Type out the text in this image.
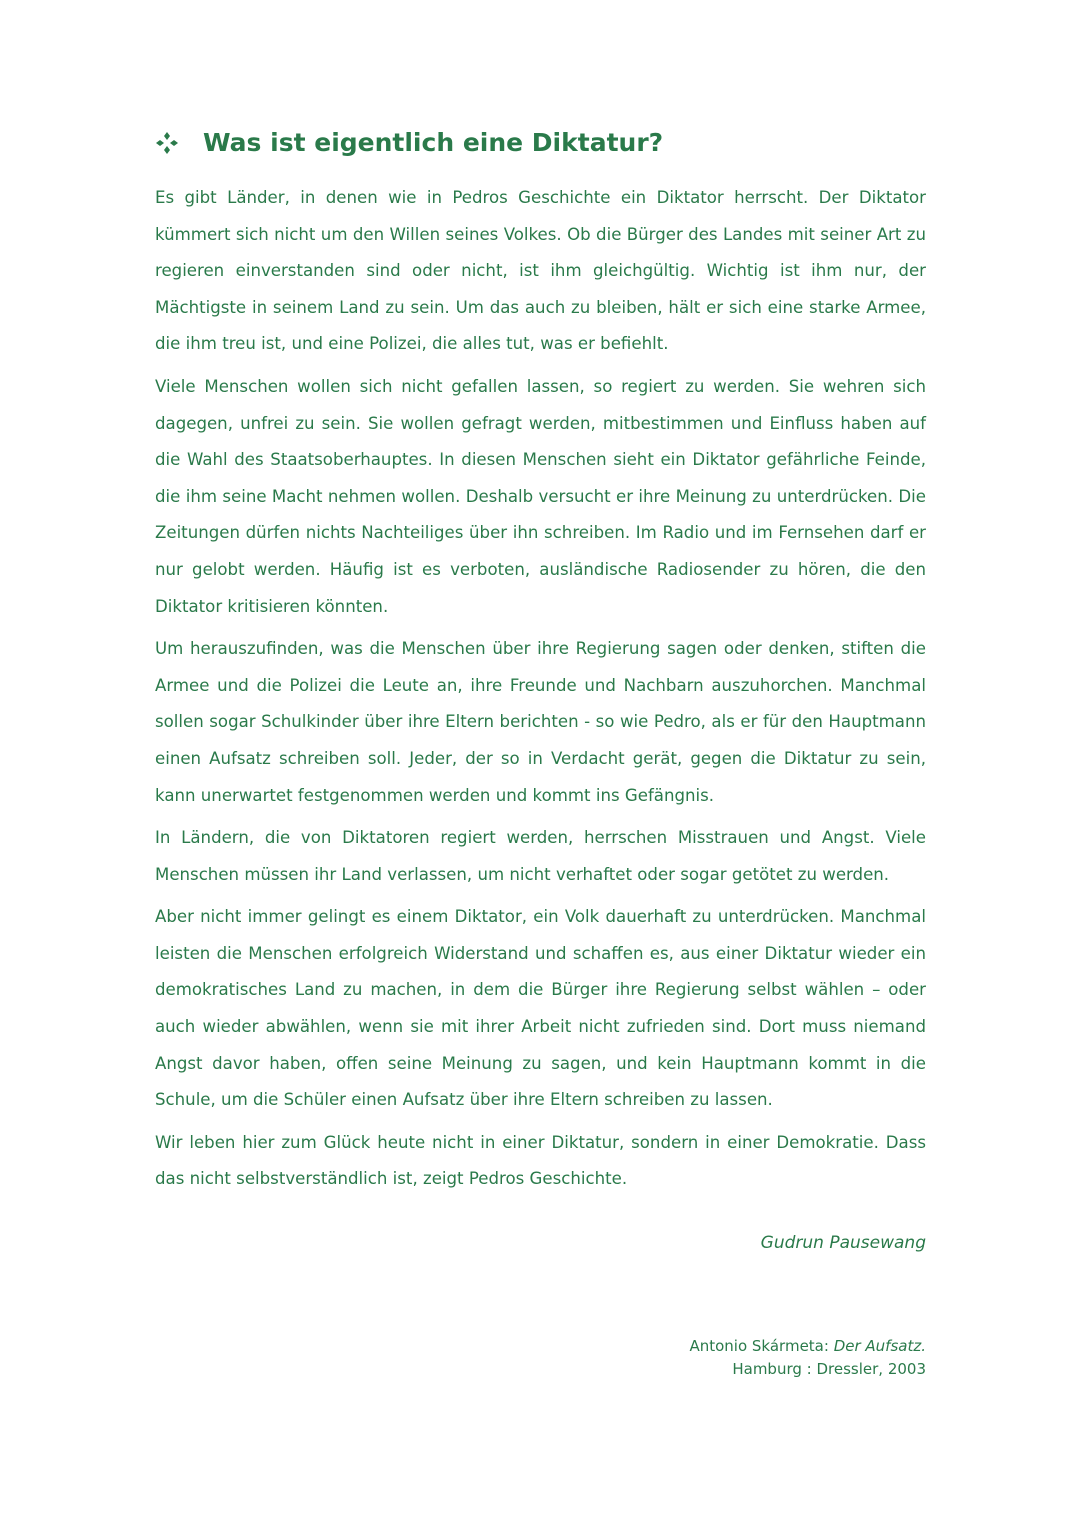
Was ist eigentlich eine Diktatur?

Es gibt Länder, in denen wie in Pedros Geschichte ein Diktator herrscht. Der Diktator kümmert sich nicht um den Willen seines Volkes. Ob die Bürger des Landes mit seiner Art zu regieren einverstanden sind oder nicht, ist ihm gleichgültig. Wichtig ist ihm nur, der Mächtigste in seinem Land zu sein. Um das auch zu bleiben, hält er sich eine starke Armee, die ihm treu ist, und eine Polizei, die alles tut, was er befiehlt.

Viele Menschen wollen sich nicht gefallen lassen, so regiert zu werden. Sie wehren sich dagegen, unfrei zu sein. Sie wollen gefragt werden, mitbestimmen und Einfluss haben auf die Wahl des Staatsoberhauptes. In diesen Menschen sieht ein Diktator gefährliche Feinde, die ihm seine Macht nehmen wollen. Deshalb versucht er ihre Meinung zu unterdrücken. Die Zeitungen dürfen nichts Nachteiliges über ihn schreiben. Im Radio und im Fernsehen darf er nur gelobt werden. Häufig ist es verboten, ausländische Radiosender zu hören, die den Diktator kritisieren könnten.

Um herauszufinden, was die Menschen über ihre Regierung sagen oder denken, stiften die Armee und die Polizei die Leute an, ihre Freunde und Nachbarn auszuhorchen. Manchmal sollen sogar Schulkinder über ihre Eltern berichten - so wie Pedro, als er für den Hauptmann einen Aufsatz schreiben soll. Jeder, der so in Verdacht gerät, gegen die Diktatur zu sein, kann unerwartet festgenommen werden und kommt ins Gefängnis.

In Ländern, die von Diktatoren regiert werden, herrschen Misstrauen und Angst. Viele Menschen müssen ihr Land verlassen, um nicht verhaftet oder sogar getötet zu werden.

Aber nicht immer gelingt es einem Diktator, ein Volk dauerhaft zu unterdrücken. Manchmal leisten die Menschen erfolgreich Widerstand und schaffen es, aus einer Diktatur wieder ein demokratisches Land zu machen, in dem die Bürger ihre Regierung selbst wählen – oder auch wieder abwählen, wenn sie mit ihrer Arbeit nicht zufrieden sind. Dort muss niemand Angst davor haben, offen seine Meinung zu sagen, und kein Hauptmann kommt in die Schule, um die Schüler einen Aufsatz über ihre Eltern schreiben zu lassen.

Wir leben hier zum Glück heute nicht in einer Diktatur, sondern in einer Demokratie. Dass das nicht selbstverständlich ist, zeigt Pedros Geschichte.

Gudrun Pausewang
Antonio Skármeta: Der Aufsatz.
Hamburg : Dressler, 2003
